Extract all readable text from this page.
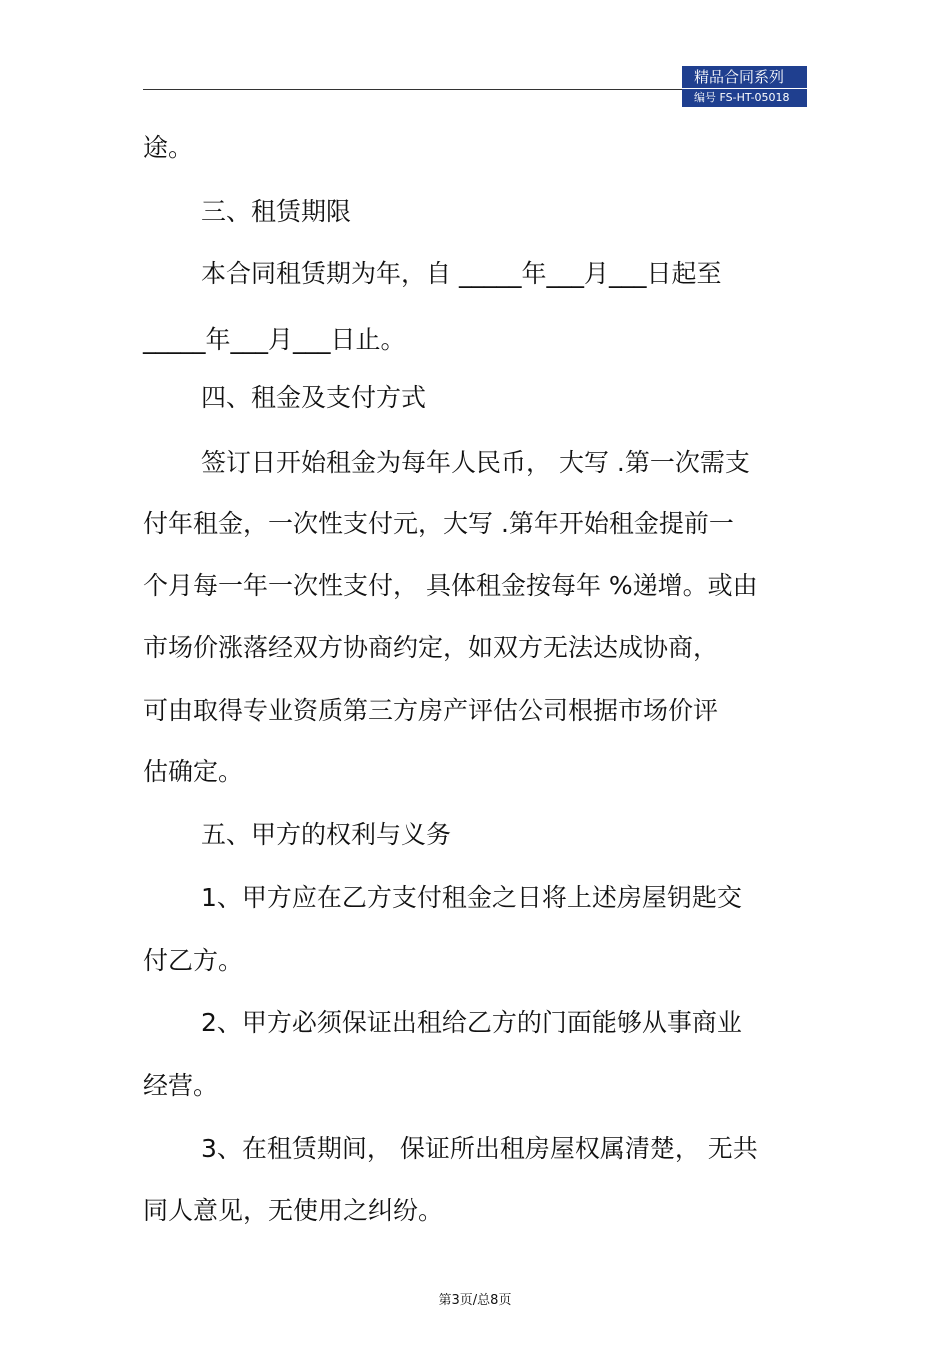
精品合同系列
编号 FS-HT-05018
途。
三、租赁期限
本合同租赁期为年，自 _____年___月___日起至
_____年___月___日止。
四、租金及支付方式
签订日开始租金为每年人民币， 大写 .第一次需支
付年租金，一次性支付元，大写 .第年开始租金提前一
个月每一年一次性支付， 具体租金按每年 %递增。或由
市场价涨落经双方协商约定，如双方无法达成协商，
可由取得专业资质第三方房产评估公司根据市场价评
估确定。
五、甲方的权利与义务
1、甲方应在乙方支付租金之日将上述房屋钥匙交
付乙方。
2、甲方必须保证出租给乙方的门面能够从事商业
经营。
3、在租赁期间， 保证所出租房屋权属清楚， 无共
同人意见，无使用之纠纷。
第3页/总8页
